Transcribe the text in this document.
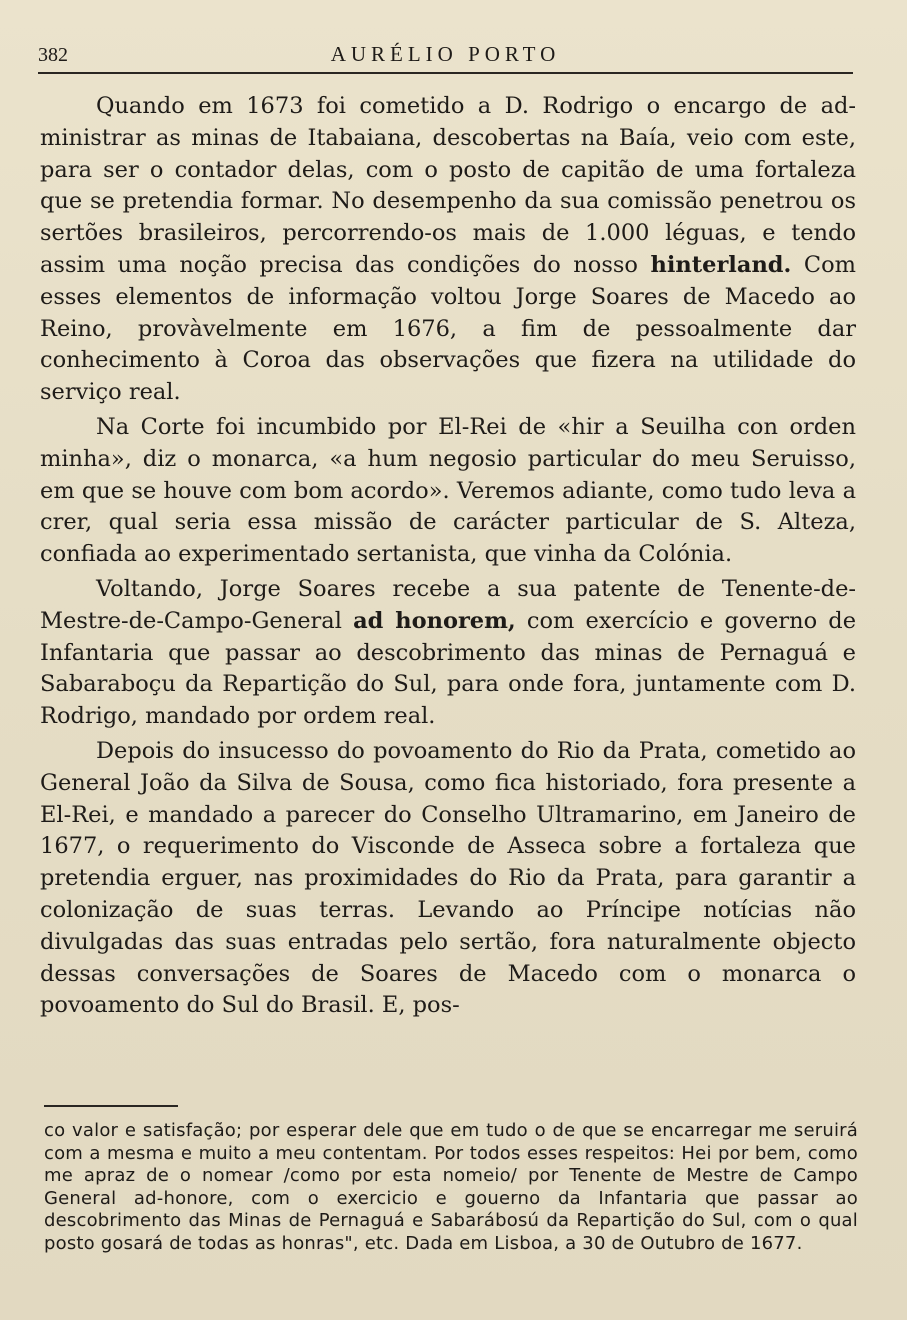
382	AURÉLIO PORTO

Quando em 1673 foi cometido a D. Rodrigo o encargo de administrar as minas de Itabaiana, descobertas na Baía, veio com este, para ser o contador delas, com o posto de capitão de uma fortaleza que se pretendia formar. No desempenho da sua comissão penetrou os sertões brasileiros, percorrendo-os mais de 1.000 léguas, e tendo assim uma noção precisa das condições do nosso hinterland. Com esses elementos de informação voltou Jorge Soares de Macedo ao Reino, provàvelmente em 1676, a fim de pessoalmente dar conhecimento à Coroa das observações que fizera na utilidade do serviço real.

Na Corte foi incumbido por El-Rei de «hir a Seuilha con orden minha», diz o monarca, «a hum negosio particular do meu Seruisso, em que se houve com bom acordo». Veremos adiante, como tudo leva a crer, qual seria essa missão de carácter particular de S. Alteza, confiada ao experimentado sertanista, que vinha da Colónia.

Voltando, Jorge Soares recebe a sua patente de Tenente-de-Mestre-de-Campo-General ad honorem, com exercício e governo de Infantaria que passar ao descobrimento das minas de Pernaguá e Sabaraboçu da Repartição do Sul, para onde fora, juntamente com D. Rodrigo, mandado por ordem real.

Depois do insucesso do povoamento do Rio da Prata, cometido ao General João da Silva de Sousa, como fica historiado, fora presente a El-Rei, e mandado a parecer do Conselho Ultramarino, em Janeiro de 1677, o requerimento do Visconde de Asseca sobre a fortaleza que pretendia erguer, nas proximidades do Rio da Prata, para garantir a colonização de suas terras. Levando ao Príncipe notícias não divulgadas das suas entradas pelo sertão, fora naturalmente objecto dessas conversações de Soares de Macedo com o monarca o povoamento do Sul do Brasil. E, pos-

co valor e satisfação; por esperar dele que em tudo o de que se encarregar me seruirá com a mesma e muito a meu contentam. Por todos esses respeitos: Hei por bem, como me apraz de o nomear /como por esta nomeio/ por Tenente de Mestre de Campo General ad-honore, com o exercicio e gouerno da Infantaria que passar ao descobrimento das Minas de Pernaguá e Sabarábosú da Repartição do Sul, com o qual posto gosará de todas as honras", etc. Dada em Lisboa, a 30 de Outubro de 1677.
